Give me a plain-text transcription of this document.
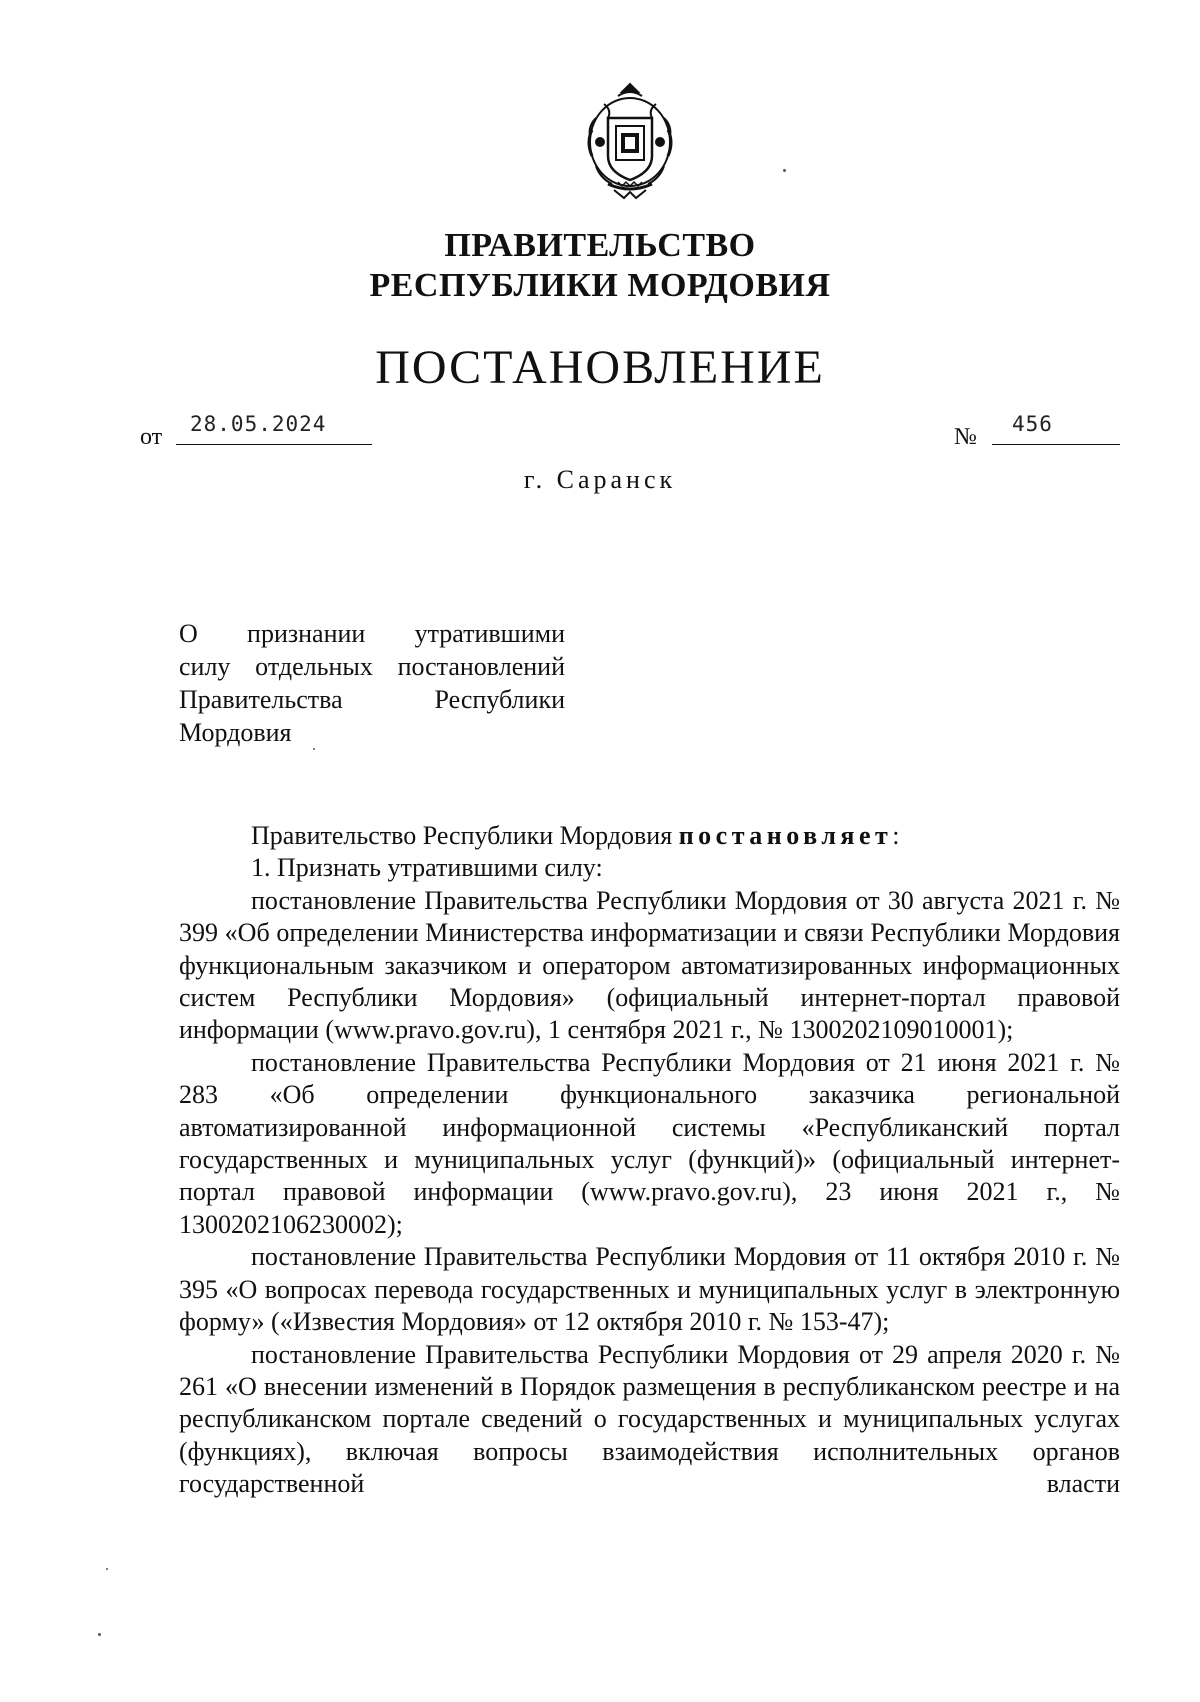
ПРАВИТЕЛЬСТВО
РЕСПУБЛИКИ МОРДОВИЯ
ПОСТАНОВЛЕНИЕ
от 28.05.2024	№ 456
г. Саранск
О признании утратившими
силу отдельных постановлений
Правительства Республики
Мордовия

Правительство Республики Мордовия постановляет:

1. Признать утратившими силу:

постановление Правительства Республики Мордовия от 30 августа 2021 г. № 399 «Об определении Министерства информатизации и связи Республики Мордовия функциональным заказчиком и оператором автоматизированных информационных систем Республики Мордовия» (официальный интернет-портал правовой информации (www.pravo.gov.ru), 1 сентября 2021 г., № 1300202109010001);

постановление Правительства Республики Мордовия от 21 июня 2021 г. № 283 «Об определении функционального заказчика региональной автоматизированной информационной системы «Республиканский портал государственных и муниципальных услуг (функций)» (официальный интернет-портал правовой информации (www.pravo.gov.ru), 23 июня 2021 г., № 1300202106230002);

постановление Правительства Республики Мордовия от 11 октября 2010 г. № 395 «О вопросах перевода государственных и муниципальных услуг в электронную форму» («Известия Мордовия» от 12 октября 2010 г. № 153-47);

постановление Правительства Республики Мордовия от 29 апреля 2020 г. № 261 «О внесении изменений в Порядок размещения в республиканском реестре и на республиканском портале сведений о государственных и муниципальных услугах (функциях), включая вопросы взаимодействия исполнительных органов государственной власти
